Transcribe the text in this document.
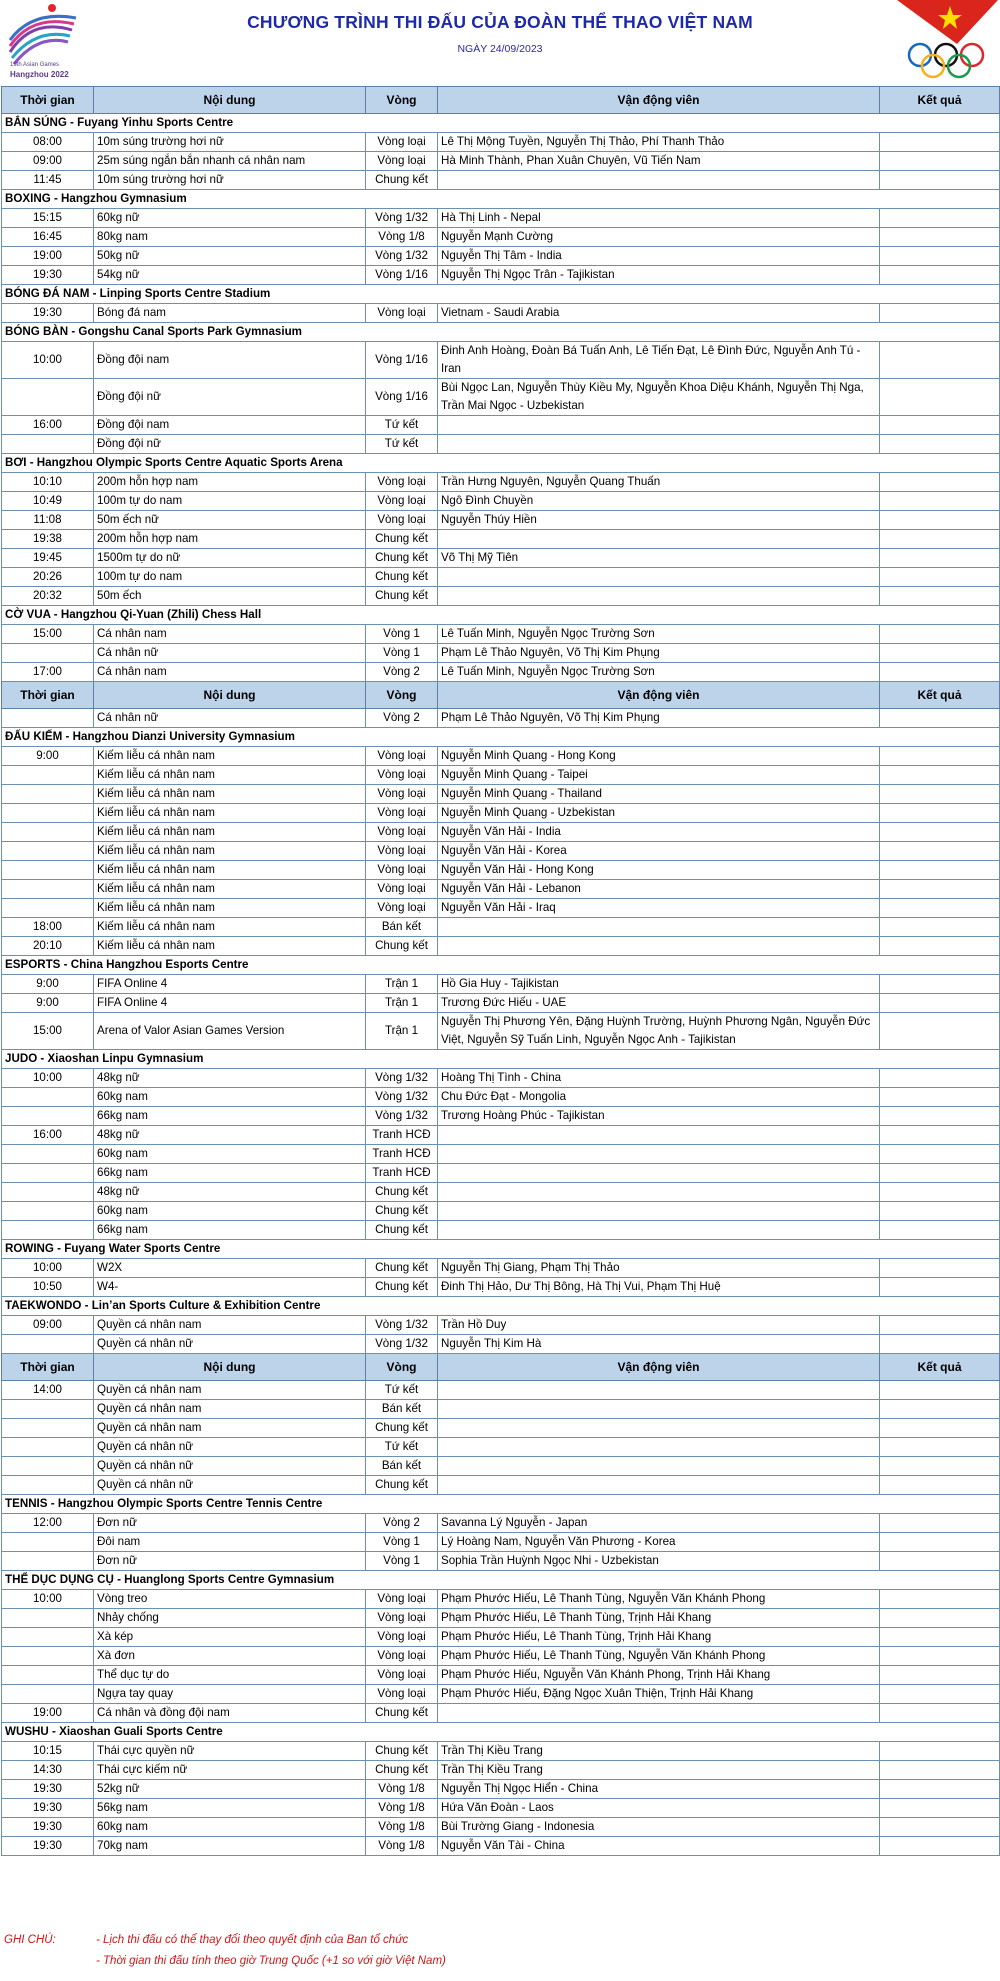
19th Asian Games
Hangzhou 2022
CHƯƠNG TRÌNH THI ĐẤU CỦA ĐOÀN THỂ THAO VIỆT NAM
NGÀY 24/09/2023
Thời gian	Nội dung	Vòng	Vận động viên	Kết quả
BẮN SÚNG - Fuyang Yinhu Sports Centre				
08:00	10m súng trường hơi nữ	Vòng loại	Lê Thị Mộng Tuyền, Nguyễn Thị Thảo, Phí Thanh Thảo	
09:00	25m súng ngắn bắn nhanh cá nhân nam	Vòng loại	Hà Minh Thành, Phan Xuân Chuyên, Vũ Tiến Nam	
11:45	10m súng trường hơi nữ	Chung kết		
BOXING - Hangzhou Gymnasium				
15:15	60kg nữ	Vòng 1/32	Hà Thị Linh - Nepal	
16:45	80kg nam	Vòng 1/8	Nguyễn Mạnh Cường	
19:00	50kg nữ	Vòng 1/32	Nguyễn Thị Tâm - India	
19:30	54kg nữ	Vòng 1/16	Nguyễn Thị Ngọc Trân - Tajikistan	
BÓNG ĐÁ NAM - Linping Sports Centre Stadium				
19:30	Bóng đá nam	Vòng loại	Vietnam - Saudi Arabia	
BÓNG BÀN - Gongshu Canal Sports Park Gymnasium				
10:00	Đồng đội nam	Vòng 1/16	Đinh Anh Hoàng, Đoàn Bá Tuấn Anh, Lê Tiến Đạt, Lê Đình Đức, Nguyễn Anh Tú - Iran	
	Đồng đội nữ	Vòng 1/16	Bùi Ngọc Lan, Nguyễn Thùy Kiều My, Nguyễn Khoa Diệu Khánh, Nguyễn Thị Nga, Trần Mai Ngọc - Uzbekistan	
16:00	Đồng đội nam	Tứ kết		
	Đồng đội nữ	Tứ kết		
BƠI - Hangzhou Olympic Sports Centre Aquatic Sports Arena				
10:10	200m hỗn hợp nam	Vòng loại	Trần Hưng Nguyên, Nguyễn Quang Thuấn	
10:49	100m tự do nam	Vòng loại	Ngô Đình Chuyền	
11:08	50m ếch nữ	Vòng loại	Nguyễn Thúy Hiền	
19:38	200m hỗn hợp nam	Chung kết		
19:45	1500m tự do nữ	Chung kết	Võ Thị Mỹ Tiên	
20:26	100m tự do nam	Chung kết		
20:32	50m ếch	Chung kết		
CỜ VUA - Hangzhou Qi-Yuan (Zhili) Chess Hall				
15:00	Cá nhân nam	Vòng 1	Lê Tuấn Minh, Nguyễn Ngọc Trường Sơn	
	Cá nhân nữ	Vòng 1	Phạm Lê Thảo Nguyên, Võ Thị Kim Phụng	
17:00	Cá nhân nam	Vòng 2	Lê Tuấn Minh, Nguyễn Ngọc Trường Sơn	
Thời gian	Nội dung	Vòng	Vận động viên	Kết quả
	Cá nhân nữ	Vòng 2	Phạm Lê Thảo Nguyên, Võ Thị Kim Phụng	
ĐẤU KIẾM - Hangzhou Dianzi University Gymnasium				
9:00	Kiếm liễu cá nhân nam	Vòng loại	Nguyễn Minh Quang - Hong Kong	
	Kiếm liễu cá nhân nam	Vòng loại	Nguyễn Minh Quang - Taipei	
	Kiếm liễu cá nhân nam	Vòng loại	Nguyễn Minh Quang - Thailand	
	Kiếm liễu cá nhân nam	Vòng loại	Nguyễn Minh Quang - Uzbekistan	
	Kiếm liễu cá nhân nam	Vòng loại	Nguyễn Văn Hải - India	
	Kiếm liễu cá nhân nam	Vòng loại	Nguyễn Văn Hải - Korea	
	Kiếm liễu cá nhân nam	Vòng loại	Nguyễn Văn Hải - Hong Kong	
	Kiếm liễu cá nhân nam	Vòng loại	Nguyễn Văn Hải - Lebanon	
	Kiếm liễu cá nhân nam	Vòng loại	Nguyễn Văn Hải - Iraq	
18:00	Kiếm liễu cá nhân nam	Bán kết		
20:10	Kiếm liễu cá nhân nam	Chung kết		
ESPORTS - China Hangzhou Esports Centre				
9:00	FIFA Online 4	Trận 1	Hồ Gia Huy - Tajikistan	
9:00	FIFA Online 4	Trận 1	Trương Đức Hiếu - UAE	
15:00	Arena of Valor Asian Games Version	Trận 1	Nguyễn Thị Phương Yên, Đặng Huỳnh Trường, Huỳnh Phương Ngân, Nguyễn Đức Việt, Nguyễn Sỹ Tuấn Linh, Nguyễn Ngọc Anh - Tajikistan	
JUDO - Xiaoshan Linpu Gymnasium				
10:00	48kg nữ	Vòng 1/32	Hoàng Thị Tình - China	
	60kg nam	Vòng 1/32	Chu Đức Đạt - Mongolia	
	66kg nam	Vòng 1/32	Trương Hoàng Phúc - Tajikistan	
16:00	48kg nữ	Tranh HCĐ		
	60kg nam	Tranh HCĐ		
	66kg nam	Tranh HCĐ		
	48kg nữ	Chung kết		
	60kg nam	Chung kết		
	66kg nam	Chung kết		
ROWING - Fuyang Water Sports Centre				
10:00	W2X	Chung kết	Nguyễn Thị Giang, Phạm Thị Thảo	
10:50	W4-	Chung kết	Đinh Thị Hảo, Dư Thị Bông, Hà Thị Vui, Phạm Thị Huệ	
TAEKWONDO - Lin’an Sports Culture & Exhibition Centre				
09:00	Quyền cá nhân nam	Vòng 1/32	Trần Hồ Duy	
	Quyền cá nhân nữ	Vòng 1/32	Nguyễn Thị Kim Hà	
Thời gian	Nội dung	Vòng	Vận động viên	Kết quả
14:00	Quyền cá nhân nam	Tứ kết		
	Quyền cá nhân nam	Bán kết		
	Quyền cá nhân nam	Chung kết		
	Quyền cá nhân nữ	Tứ kết		
	Quyền cá nhân nữ	Bán kết		
	Quyền cá nhân nữ	Chung kết		
TENNIS - Hangzhou Olympic Sports Centre Tennis Centre				
12:00	Đơn nữ	Vòng 2	Savanna Lý Nguyễn - Japan	
	Đôi nam	Vòng 1	Lý Hoàng Nam, Nguyễn Văn Phương - Korea	
	Đơn nữ	Vòng 1	Sophia Trần Huỳnh Ngọc Nhi - Uzbekistan	
THỂ DỤC DỤNG CỤ - Huanglong Sports Centre Gymnasium				
10:00	Vòng treo	Vòng loại	Phạm Phước Hiếu, Lê Thanh Tùng, Nguyễn Văn Khánh Phong	
	Nhảy chống	Vòng loại	Phạm Phước Hiếu, Lê Thanh Tùng, Trịnh Hải Khang	
	Xà kép	Vòng loại	Phạm Phước Hiếu, Lê Thanh Tùng, Trịnh Hải Khang	
	Xà đơn	Vòng loại	Phạm Phước Hiếu, Lê Thanh Tùng, Nguyễn Văn Khánh Phong	
	Thể dục tự do	Vòng loại	Phạm Phước Hiếu, Nguyễn Văn Khánh Phong, Trịnh Hải Khang	
	Ngựa tay quay	Vòng loại	Phạm Phước Hiếu, Đặng Ngọc Xuân Thiện, Trịnh Hải Khang	
19:00	Cá nhân và đồng đội nam	Chung kết		
WUSHU - Xiaoshan Guali Sports Centre				
10:15	Thái cực quyền nữ	Chung kết	Trần Thị Kiều Trang	
14:30	Thái cực kiếm nữ	Chung kết	Trần Thị Kiều Trang	
19:30	52kg nữ	Vòng 1/8	Nguyễn Thị Ngọc Hiển - China	
19:30	56kg nam	Vòng 1/8	Hứa Văn Đoàn - Laos	
19:30	60kg nam	Vòng 1/8	Bùi Trường Giang - Indonesia	
19:30	70kg nam	Vòng 1/8	Nguyễn Văn Tài - China	
GHI CHÚ:	- Lịch thi đấu có thể thay đổi theo quyết định của Ban tổ chức
- Thời gian thi đấu tính theo giờ Trung Quốc (+1 so với giờ Việt Nam)
